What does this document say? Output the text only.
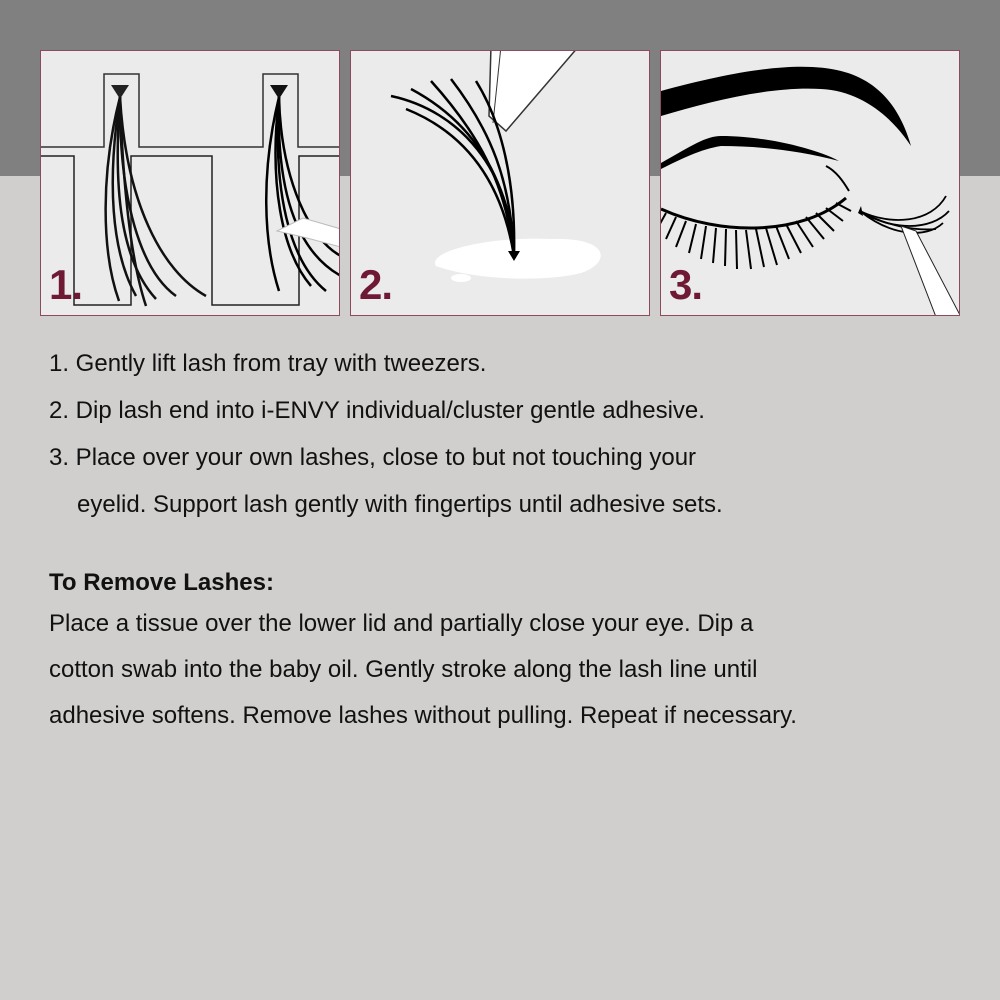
1.	2.	3.
1. Gently lift lash from tray with tweezers.
2. Dip lash end into i-ENVY individual/cluster gentle adhesive.
3. Place over your own lashes, close to but not touching your
eyelid. Support lash gently with fingertips until adhesive sets.
To Remove Lashes:

Place a tissue over the lower lid and partially close your eye. Dip a

cotton swab into the baby oil. Gently stroke along the lash line until

adhesive softens. Remove lashes without pulling. Repeat if necessary.
